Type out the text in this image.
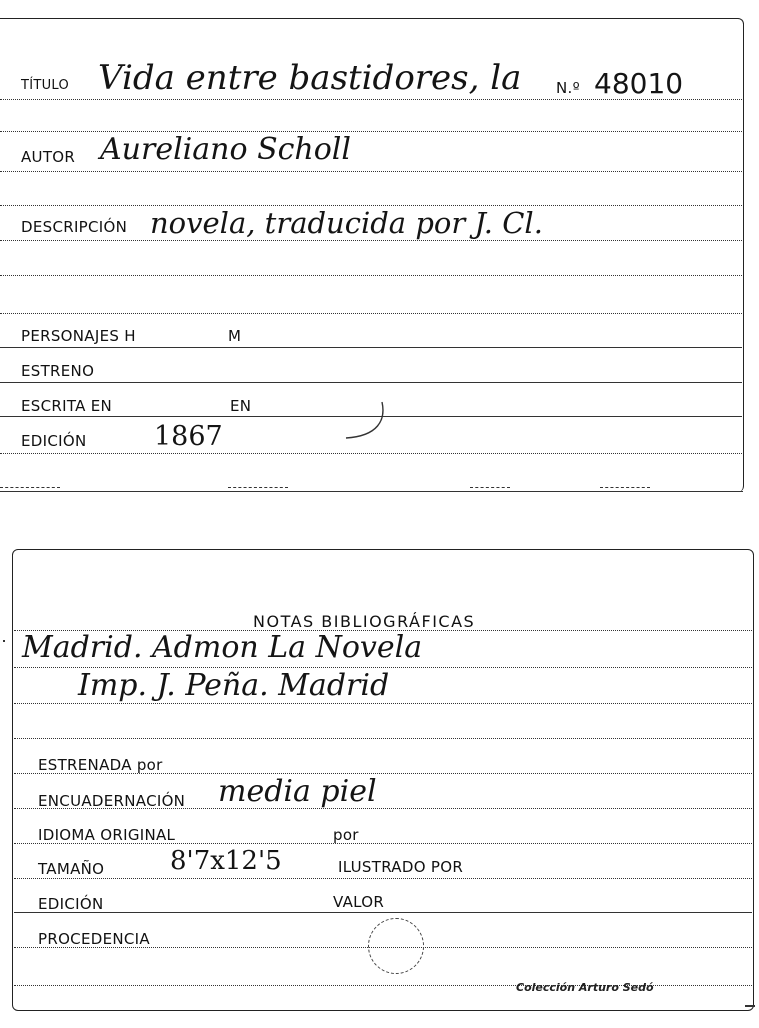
TÍTULO Vida entre bastidores, la N.º 48010
AUTOR Aureliano Scholl
DESCRIPCIÓN novela, traducida por J. Cl.
PERSONAJES H	M
ESTRENO
ESCRITA EN	EN
EDICIÓN	1867
NOTAS BIBLIOGRÁFICAS
Madrid. Admon La Novela
Imp. J. Peña. Madrid
ESTRENADA por
ENCUADERNACIÓN media piel
IDIOMA ORIGINAL	por
TAMAÑO	8'7x12'5	ILUSTRADO POR
EDICIÓN	VALOR
PROCEDENCIA
Colección Arturo Sedó
